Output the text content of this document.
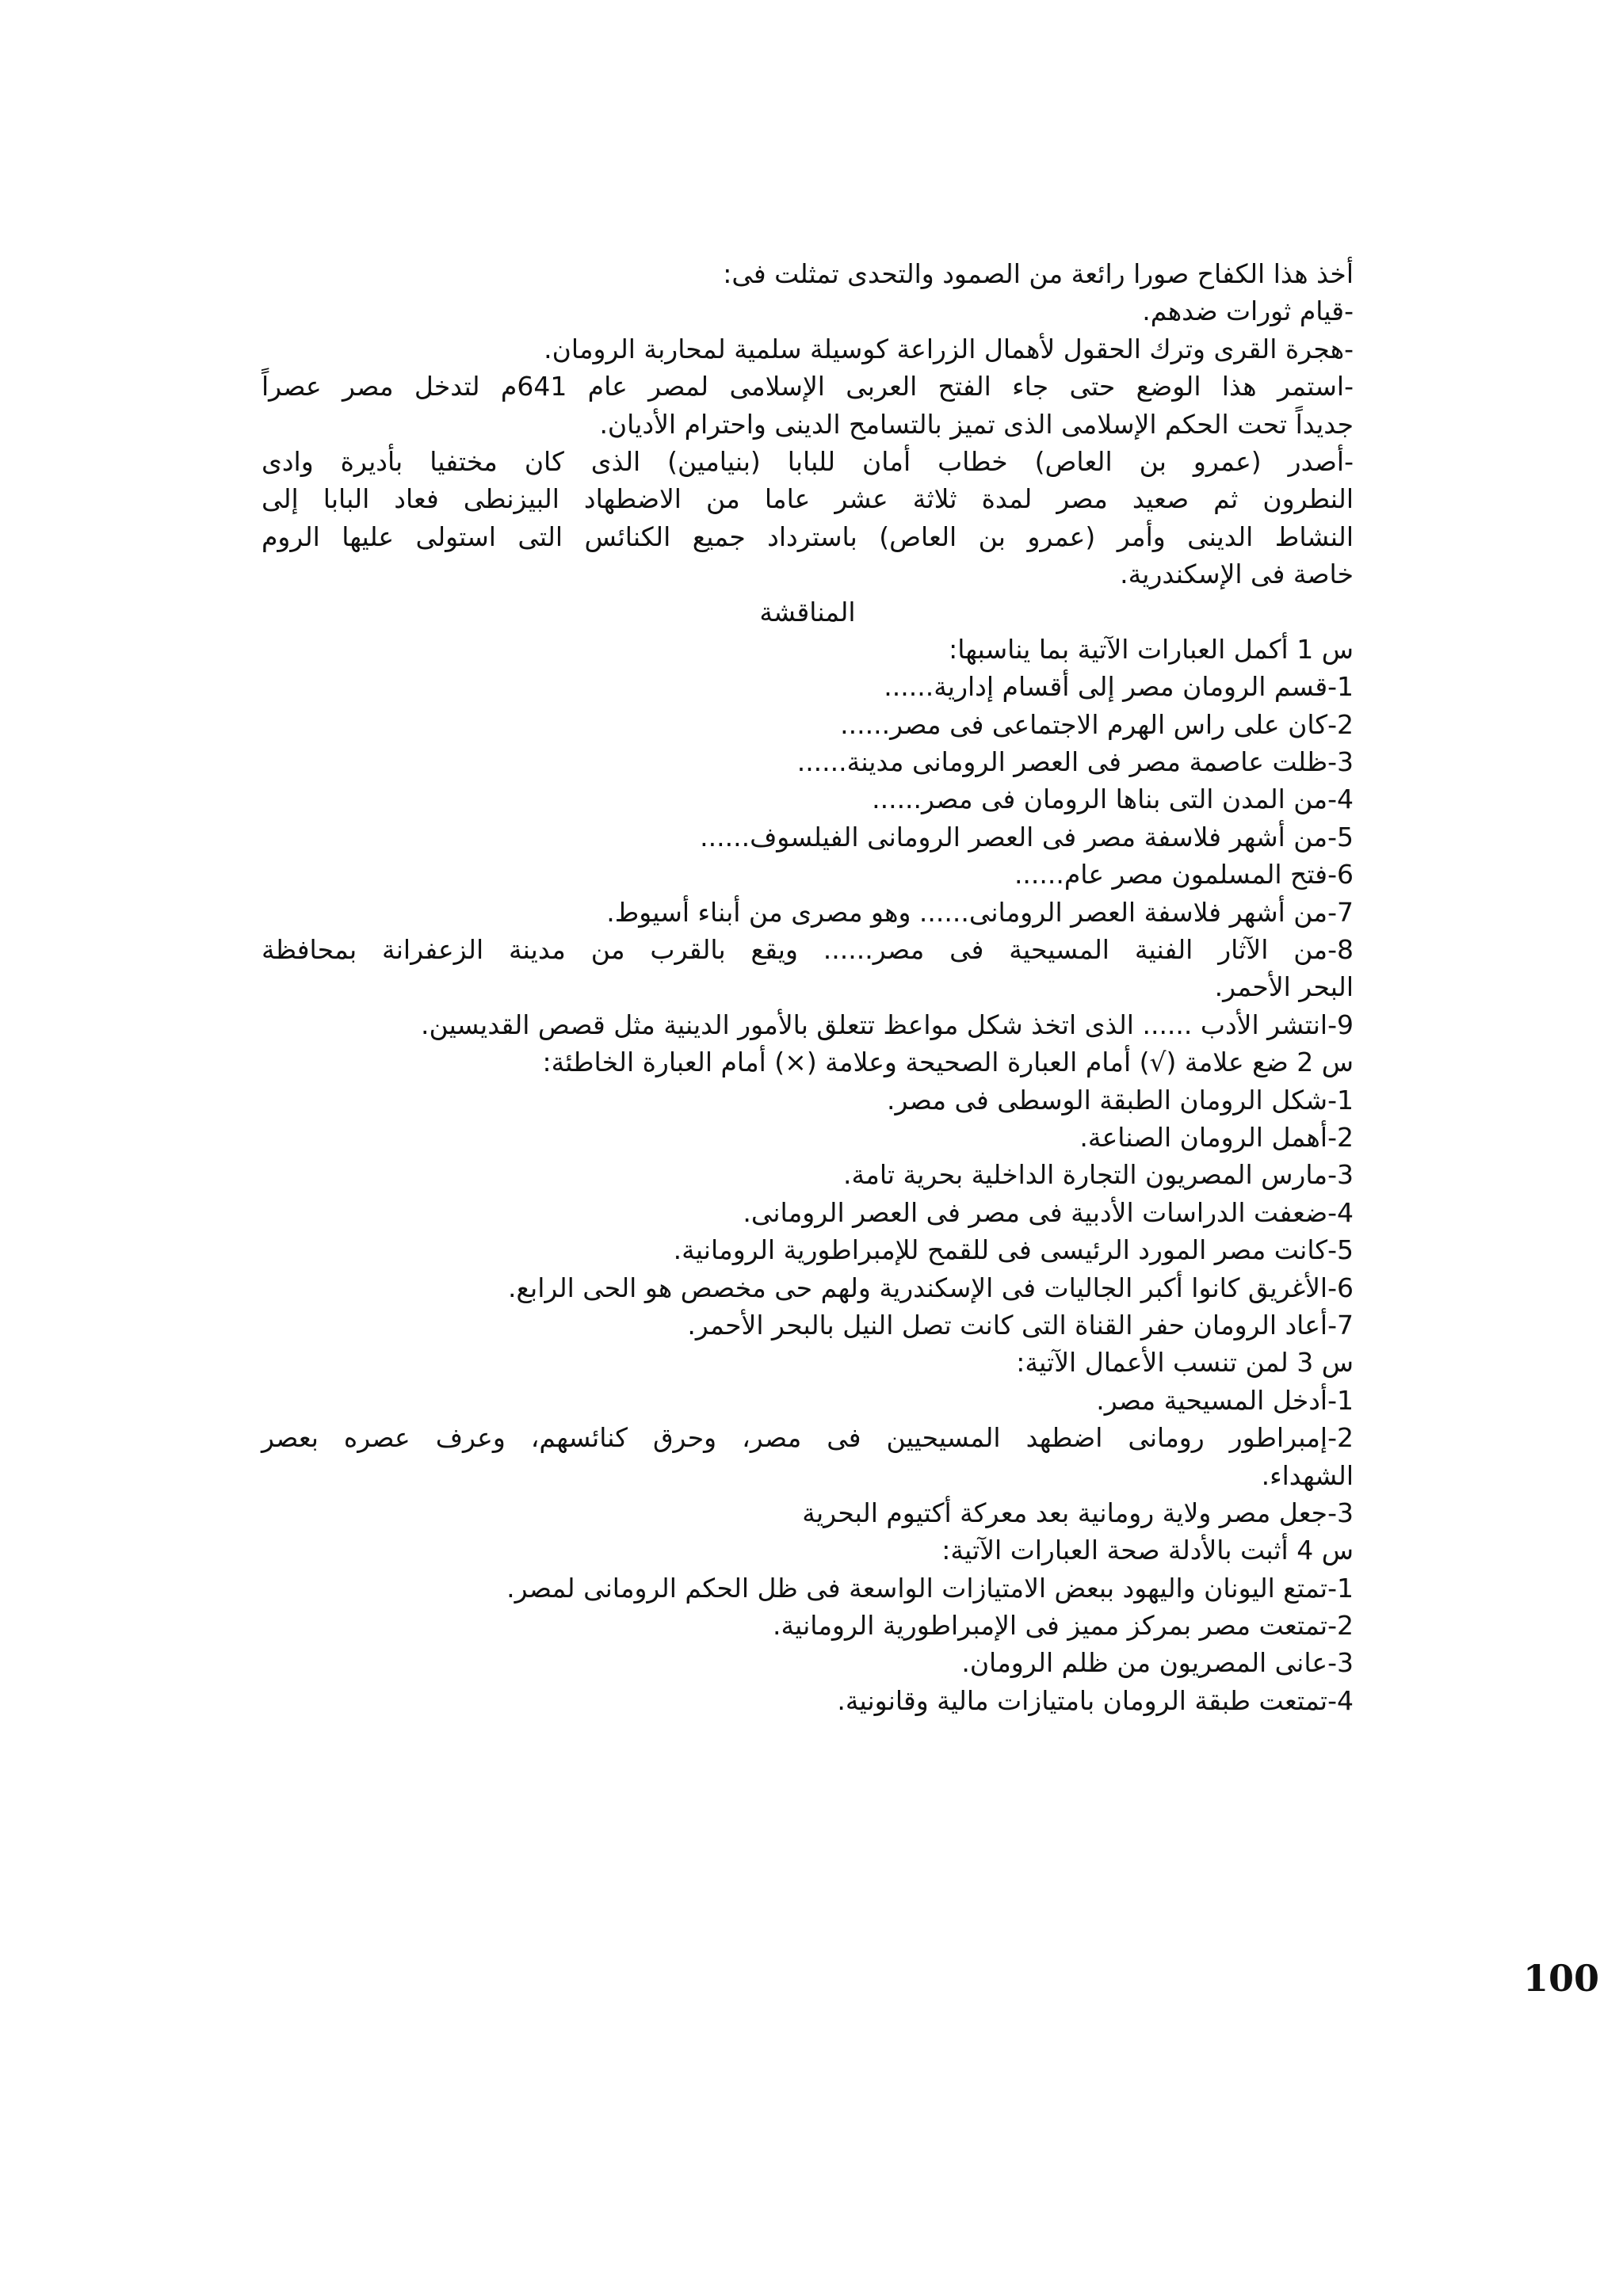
أخذ هذا الكفاح صورا رائعة من الصمود والتحدى تمثلت فى:
-قيام ثورات ضدهم.
-هجرة القرى وترك الحقول لأهمال الزراعة كوسيلة سلمية لمحاربة الرومان.
-استمر هذا الوضع حتى جاء الفتح العربى الإسلامى لمصر عام 641م لتدخل مصر عصراً
جديداً تحت الحكم الإسلامى الذى تميز بالتسامح الدينى واحترام الأديان.
-أصدر (عمرو بن العاص) خطاب أمان للبابا (بنيامين) الذى كان مختفيا بأديرة وادى
النطرون ثم صعيد مصر لمدة ثلاثة عشر عاما من الاضطهاد البيزنطى فعاد البابا إلى
النشاط الدينى وأمر (عمرو بن العاص) باسترداد جميع الكنائس التى استولى عليها الروم
خاصة فى الإسكندرية.
المناقشة
س 1 أكمل العبارات الآتية بما يناسبها:
1-قسم الرومان مصر إلى أقسام إدارية......
2-كان على راس الهرم الاجتماعى فى مصر......
3-ظلت عاصمة مصر فى العصر الرومانى مدينة......
4-من المدن التى بناها الرومان فى مصر......
5-من أشهر فلاسفة مصر فى العصر الرومانى الفيلسوف......
6-فتح المسلمون مصر عام......
7-من أشهر فلاسفة العصر الرومانى...... وهو مصرى من أبناء أسيوط.
8-من الآثار الفنية المسيحية فى مصر...... ويقع بالقرب من مدينة الزعفرانة بمحافظة
البحر الأحمر.
9-انتشر الأدب ...... الذى اتخذ شكل مواعظ تتعلق بالأمور الدينية مثل قصص القديسين.
س 2 ضع علامة (√) أمام العبارة الصحيحة وعلامة (×) أمام العبارة الخاطئة:
1-شكل الرومان الطبقة الوسطى فى مصر.
2-أهمل الرومان الصناعة.
3-مارس المصريون التجارة الداخلية بحرية تامة.
4-ضعفت الدراسات الأدبية فى مصر فى العصر الرومانى.
5-كانت مصر المورد الرئيسى فى للقمح للإمبراطورية الرومانية.
6-الأغريق كانوا أكبر الجاليات فى الإسكندرية ولهم حى مخصص هو الحى الرابع.
7-أعاد الرومان حفر القناة التى كانت تصل النيل بالبحر الأحمر.
س 3 لمن تنسب الأعمال الآتية:
1-أدخل المسيحية مصر.
2-إمبراطور رومانى اضطهد المسيحيين فى مصر، وحرق كنائسهم، وعرف عصره بعصر
الشهداء.
3-جعل مصر ولاية رومانية بعد معركة أكتيوم البحرية
س 4 أثبت بالأدلة صحة العبارات الآتية:
1-تمتع اليونان واليهود ببعض الامتيازات الواسعة فى ظل الحكم الرومانى لمصر.
2-تمتعت مصر بمركز مميز فى الإمبراطورية الرومانية.
3-عانى المصريون من ظلم الرومان.
4-تمتعت طبقة الرومان بامتيازات مالية وقانونية.
100
